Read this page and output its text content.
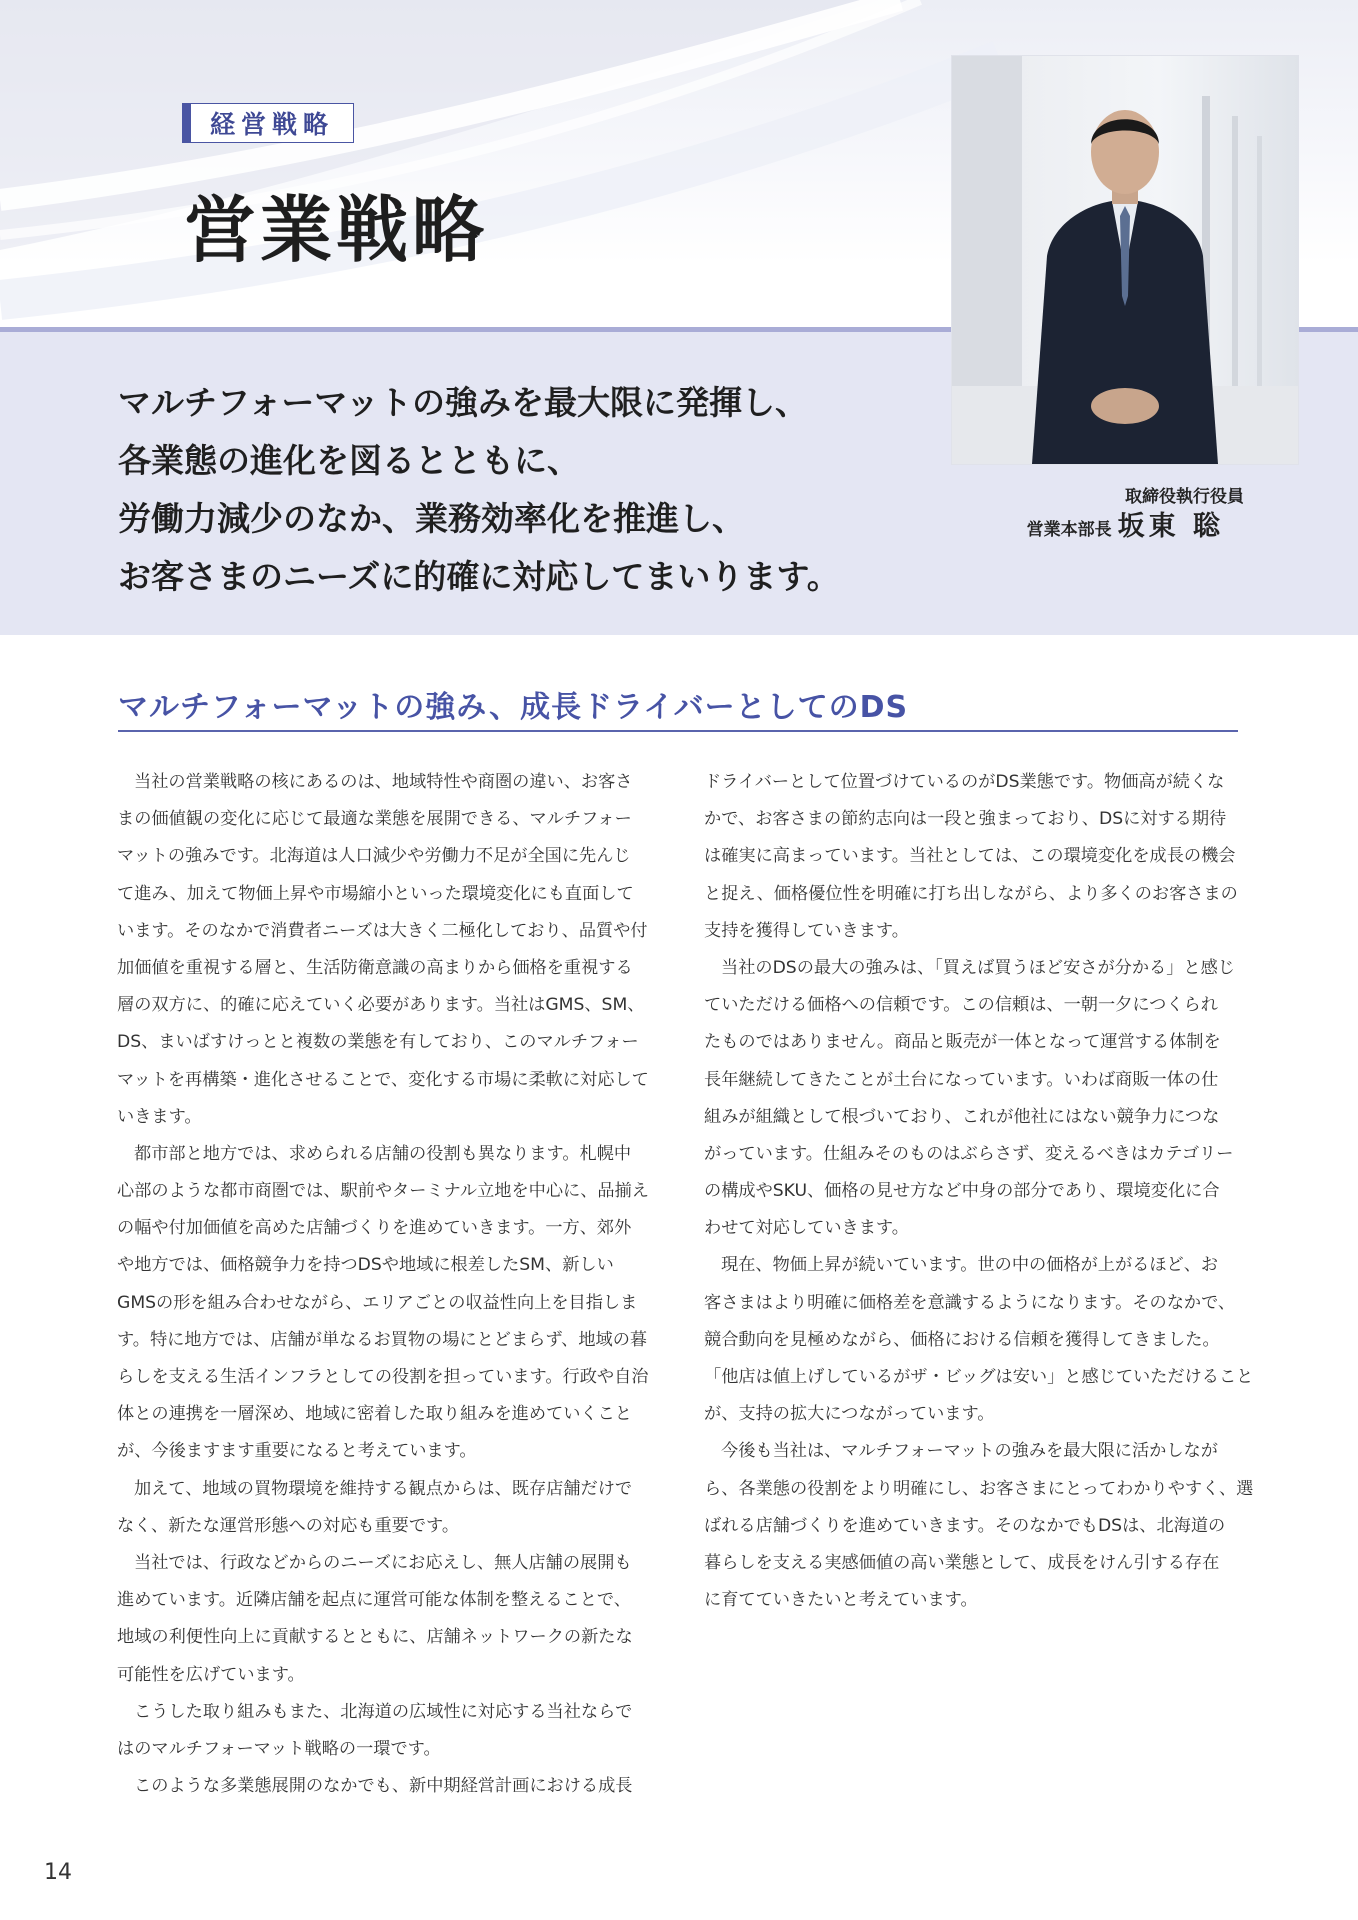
経営戦略
営業戦略

マルチフォーマットの強みを最大限に発揮し、
各業態の進化を図るとともに、
労働力減少のなか、業務効率化を推進し、
お客さまのニーズに的確に対応してまいります。

取締役執行役員
営業本部長 坂東 聡
マルチフォーマットの強み、成長ドライバーとしてのDS
当社の営業戦略の核にあるのは、地域特性や商圏の違い、お客さ
まの価値観の変化に応じて最適な業態を展開できる、マルチフォー
マットの強みです。北海道は人口減少や労働力不足が全国に先んじ
て進み、加えて物価上昇や市場縮小といった環境変化にも直面して
います。そのなかで消費者ニーズは大きく二極化しており、品質や付
加価値を重視する層と、生活防衛意識の高まりから価格を重視する
層の双方に、的確に応えていく必要があります。当社はGMS、SM、
DS、まいばすけっとと複数の業態を有しており、このマルチフォー
マットを再構築・進化させることで、変化する市場に柔軟に対応して
いきます。
都市部と地方では、求められる店舗の役割も異なります。札幌中
心部のような都市商圏では、駅前やターミナル立地を中心に、品揃え
の幅や付加価値を高めた店舗づくりを進めていきます。一方、郊外
や地方では、価格競争力を持つDSや地域に根差したSM、新しい
GMSの形を組み合わせながら、エリアごとの収益性向上を目指しま
す。特に地方では、店舗が単なるお買物の場にとどまらず、地域の暮
らしを支える生活インフラとしての役割を担っています。行政や自治
体との連携を一層深め、地域に密着した取り組みを進めていくこと
が、今後ますます重要になると考えています。
加えて、地域の買物環境を維持する観点からは、既存店舗だけで
なく、新たな運営形態への対応も重要です。
当社では、行政などからのニーズにお応えし、無人店舗の展開も
進めています。近隣店舗を起点に運営可能な体制を整えることで、
地域の利便性向上に貢献するとともに、店舗ネットワークの新たな
可能性を広げています。
こうした取り組みもまた、北海道の広域性に対応する当社ならで
はのマルチフォーマット戦略の一環です。
このような多業態展開のなかでも、新中期経営計画における成長
ドライバーとして位置づけているのがDS業態です。物価高が続くな
かで、お客さまの節約志向は一段と強まっており、DSに対する期待
は確実に高まっています。当社としては、この環境変化を成長の機会
と捉え、価格優位性を明確に打ち出しながら、より多くのお客さまの
支持を獲得していきます。
当社のDSの最大の強みは、「買えば買うほど安さが分かる」と感じ
ていただける価格への信頼です。この信頼は、一朝一夕につくられ
たものではありません。商品と販売が一体となって運営する体制を
長年継続してきたことが土台になっています。いわば商販一体の仕
組みが組織として根づいており、これが他社にはない競争力につな
がっています。仕組みそのものはぶらさず、変えるべきはカテゴリー
の構成やSKU、価格の見せ方など中身の部分であり、環境変化に合
わせて対応していきます。
現在、物価上昇が続いています。世の中の価格が上がるほど、お
客さまはより明確に価格差を意識するようになります。そのなかで、
競合動向を見極めながら、価格における信頼を獲得してきました。
「他店は値上げしているがザ・ビッグは安い」と感じていただけること
が、支持の拡大につながっています。
今後も当社は、マルチフォーマットの強みを最大限に活かしなが
ら、各業態の役割をより明確にし、お客さまにとってわかりやすく、選
ばれる店舗づくりを進めていきます。そのなかでもDSは、北海道の
暮らしを支える実感価値の高い業態として、成長をけん引する存在
に育てていきたいと考えています。
14
